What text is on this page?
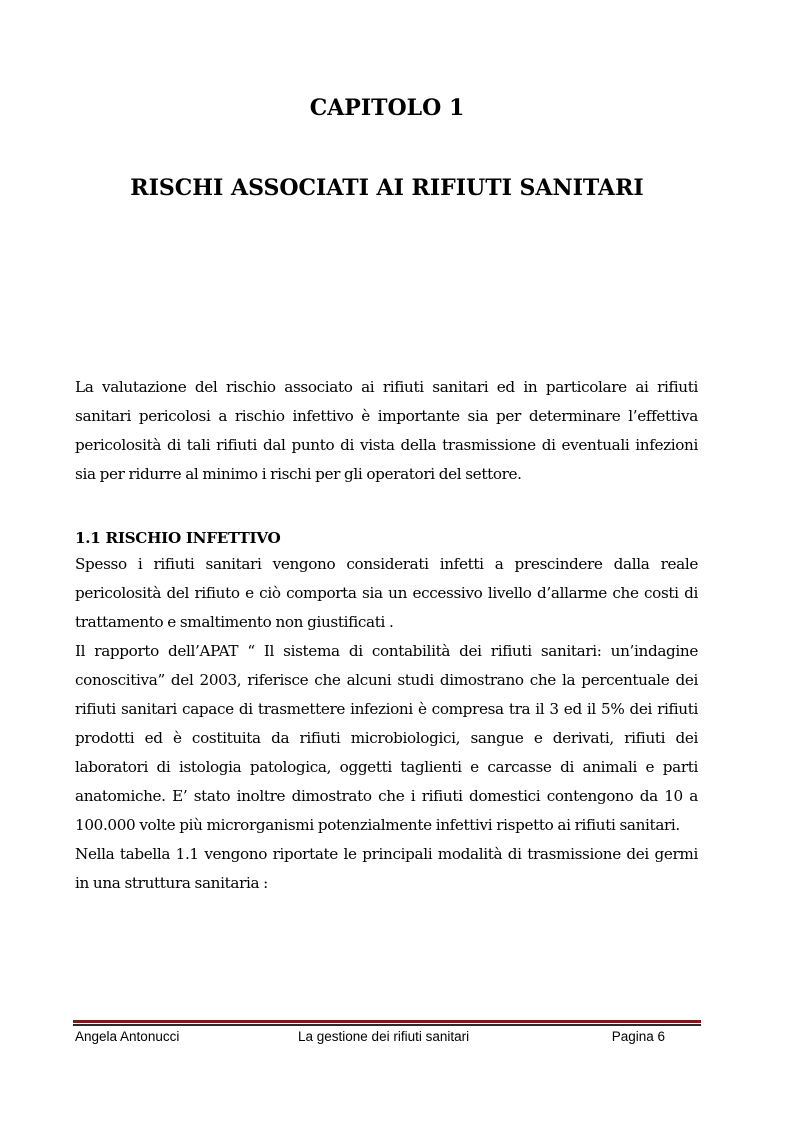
CAPITOLO 1
RISCHI ASSOCIATI AI RIFIUTI SANITARI

La valutazione del rischio associato ai rifiuti sanitari ed in particolare ai rifiuti sanitari pericolosi a rischio infettivo è importante sia per determinare l’effettiva pericolosità di tali rifiuti dal punto di vista della trasmissione di eventuali infezioni sia per ridurre al minimo i rischi per gli operatori del settore.

1.1 RISCHIO INFETTIVO

Spesso i rifiuti sanitari vengono considerati infetti a prescindere dalla reale pericolosità del rifiuto e ciò comporta sia un eccessivo livello d’allarme che costi di trattamento e smaltimento non giustificati .

Il rapporto dell’APAT “ Il sistema di contabilità dei rifiuti sanitari: un’indagine conoscitiva” del 2003, riferisce che alcuni studi dimostrano che la percentuale dei rifiuti sanitari capace di trasmettere infezioni è compresa tra il 3 ed il 5% dei rifiuti prodotti ed è costituita da rifiuti microbiologici, sangue e derivati, rifiuti dei laboratori di istologia patologica, oggetti taglienti e carcasse di animali e parti anatomiche. E’ stato inoltre dimostrato che i rifiuti domestici contengono da 10 a 100.000 volte più microrganismi potenzialmente infettivi rispetto ai rifiuti sanitari.

Nella tabella 1.1 vengono riportate le principali modalità di trasmissione dei germi in una struttura sanitaria :

Angela Antonucci	La gestione dei rifiuti sanitari	Pagina 6
